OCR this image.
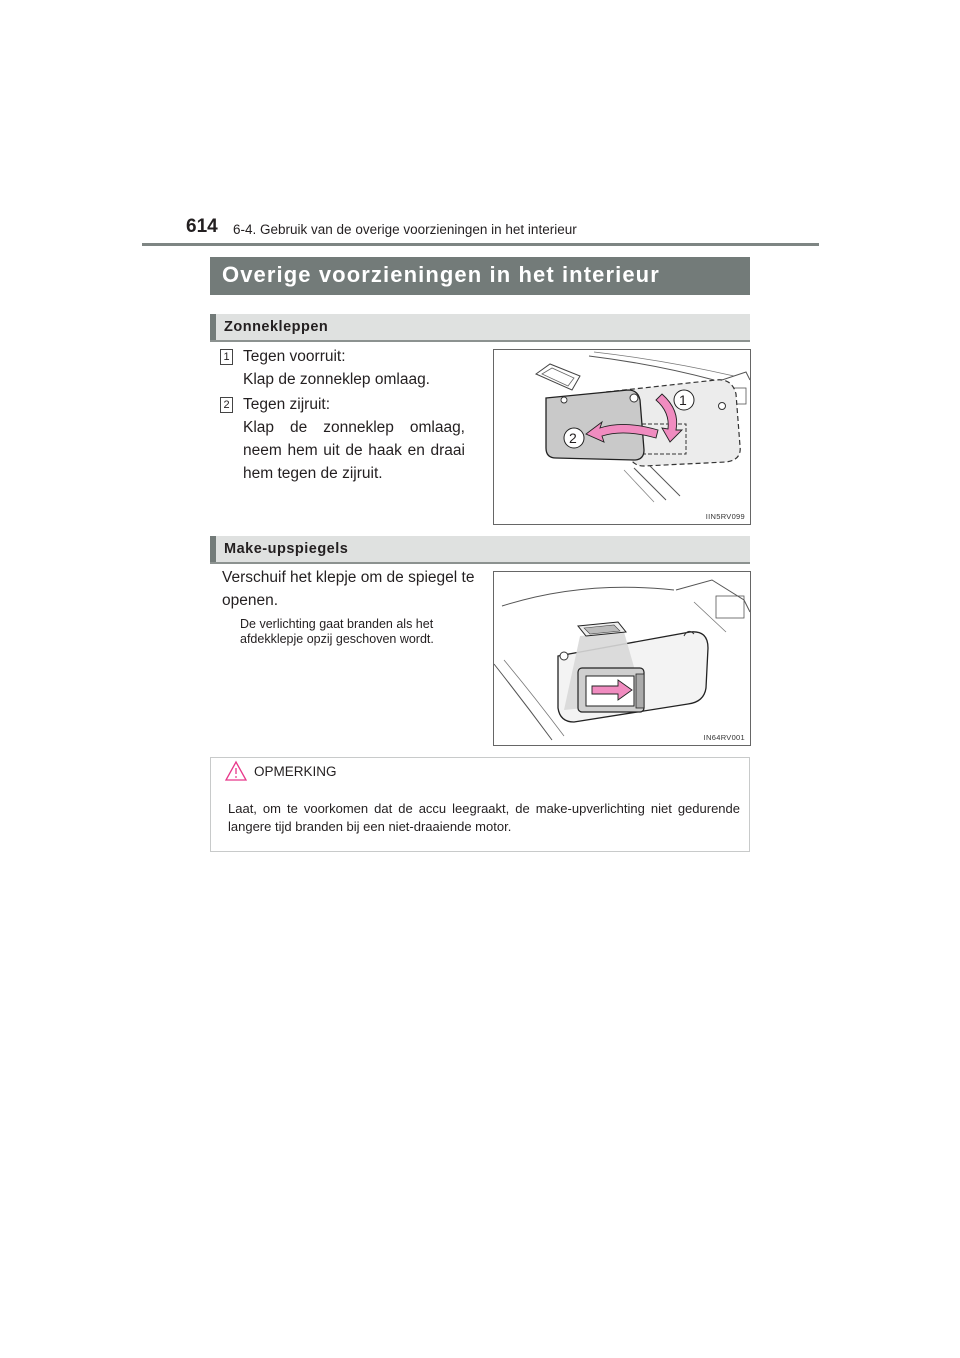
614 6-4. Gebruik van de overige voorzieningen in het interieur
Overige voorzieningen in het interieur
Zonnekleppen
1 Tegen voorruit:
Klap de zonneklep omlaag.
2 Tegen zijruit:
Klap de zonneklep omlaag, neem hem uit de haak en draai hem tegen de zijruit.
1
2
IIN5RV099
Make-upspiegels
Verschuif het klepje om de spiegel te openen.
De verlichting gaat branden als het afdekklepje opzij geschoven wordt.
IN64RV001
OPMERKING
Laat, om te voorkomen dat de accu leegraakt, de make-upverlichting niet gedurende langere tijd branden bij een niet-draaiende motor.
